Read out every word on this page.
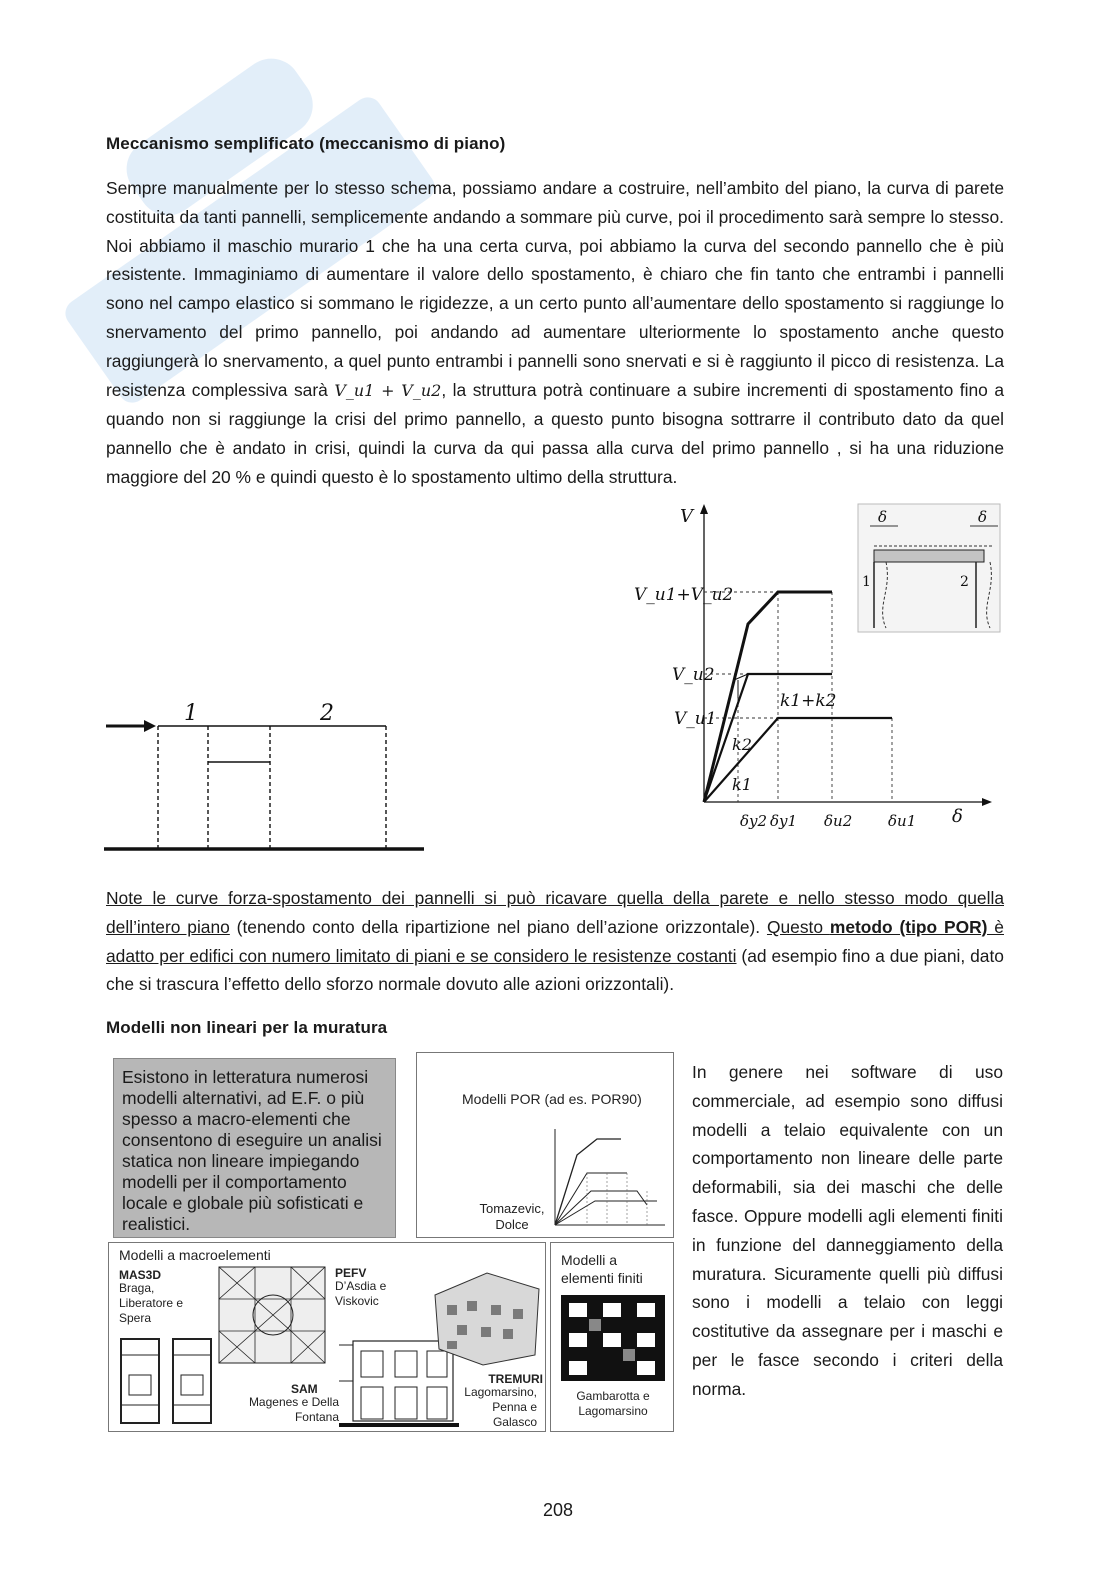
Meccanismo semplificato (meccanismo di piano)

Sempre manualmente per lo stesso schema, possiamo andare a costruire, nell’ambito del piano, la curva di parete costituita da tanti pannelli, semplicemente andando a sommare più curve, poi il procedimento sarà sempre lo stesso. Noi abbiamo il maschio murario 1 che ha una certa curva, poi abbiamo la curva del secondo pannello che è più resistente. Immaginiamo di aumentare il valore dello spostamento, è chiaro che fin tanto che entrambi i pannelli sono nel campo elastico si sommano le rigidezze, a un certo punto all’aumentare dello spostamento si raggiunge lo snervamento del primo pannello, poi andando ad aumentare ulteriormente lo spostamento anche questo raggiungerà lo snervamento, a quel punto entrambi i pannelli sono snervati e si è raggiunto il picco di resistenza. La resistenza complessiva sarà V_u1 + V_u2, la struttura potrà continuare a subire incrementi di spostamento fino a quando non si raggiunge la crisi del primo pannello, a questo punto bisogna sottrarre il contributo dato da quel pannello che è andato in crisi, quindi la curva da qui passa alla curva del primo pannello , si ha una riduzione maggiore del 20 % e quindi questo è lo spostamento ultimo della struttura.

1	2
V
δ
V_u1+V_u2
V_u2
V_u1
k1+k2
k2
k1
δy2 δy1 δu2 δu1
δ	δ
1	2

Note le curve forza-spostamento dei pannelli si può ricavare quella della parete e nello stesso modo quella dell’intero piano (tenendo conto della ripartizione nel piano dell’azione orizzontale). Questo metodo (tipo POR) è adatto per edifici con numero limitato di piani e se considero le resistenze costanti (ad esempio fino a due piani, dato che si trascura l’effetto dello sforzo normale dovuto alle azioni orizzontali).

Modelli non lineari per la muratura
Esistono in letteratura numerosi modelli alternativi, ad E.F. o più spesso a macro-elementi che consentono di eseguire un analisi statica non lineare impiegando modelli per il comportamento locale e globale più sofisticati e realistici.
Modelli POR (ad es. POR90)
Tomazevic, Dolce
Modelli a macroelementi
MAS3D
Braga, Liberatore e Spera
PEFV
D’Asdia e Viskovic
SAM
Magenes e Della Fontana
TREMURI
Lagomarsino, Penna e Galasco
Modelli a elementi finiti
Gambarotta e Lagomarsino

In genere nei software di uso commerciale, ad esempio sono diffusi modelli a telaio equivalente con un comportamento non lineare delle parte deformabili, sia dei maschi che delle fasce. Oppure modelli agli elementi finiti in funzione del danneggiamento della muratura. Sicuramente quelli più diffusi sono i modelli a telaio con leggi costitutive da assegnare per i maschi e per le fasce secondo i criteri della norma.

208
